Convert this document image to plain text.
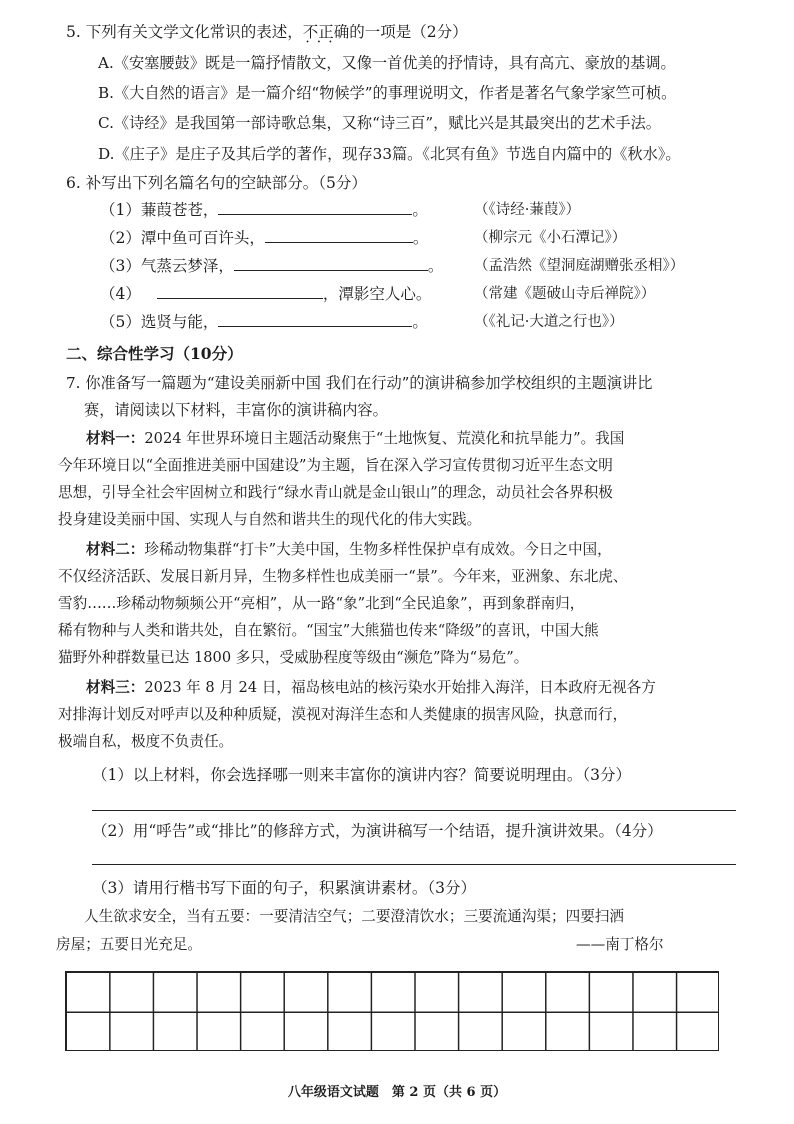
5. 下列有关文学文化常识的表述，不正确 • • •的一项是（2分）
A.《安塞腰鼓》既是一篇抒情散文，又像一首优美的抒情诗，具有高亢、豪放的基调。
B.《大自然的语言》是一篇介绍“物候学”的事理说明文，作者是著名气象学家竺可桢。
C.《诗经》是我国第一部诗歌总集，又称“诗三百”，赋比兴是其最突出的艺术手法。
D.《庄子》是庄子及其后学的著作，现存33篇。《北冥有鱼》节选自内篇中的《秋水》。
6. 补写出下列名篇名句的空缺部分。（5分）
（1）蒹葭苍苍，	。	（《诗经·蒹葭》）
（2）潭中鱼可百许头，	。	（柳宗元《小石潭记》）
（3）气蒸云梦泽，	。 （孟浩然《望洞庭湖赠张丞相》）
（4）	，潭影空人心。	（常建《题破山寺后禅院》）
（5）选贤与能，	。	（《礼记·大道之行也》）
二、综合性学习（10分）
7. 你准备写一篇题为“建设美丽新中国 我们在行动”的演讲稿参加学校组织的主题演讲比
赛，请阅读以下材料，丰富你的演讲稿内容。
材料一：2024 年世界环境日主题活动聚焦于“土地恢复、荒漠化和抗旱能力”。我国
今年环境日以“全面推进美丽中国建设”为主题，旨在深入学习宣传贯彻习近平生态文明
思想，引导全社会牢固树立和践行“绿水青山就是金山银山”的理念，动员社会各界积极
投身建设美丽中国、实现人与自然和谐共生的现代化的伟大实践。
材料二：珍稀动物集群“打卡”大美中国，生物多样性保护卓有成效。今日之中国，
不仅经济活跃、发展日新月异，生物多样性也成美丽一“景”。今年来，亚洲象、东北虎、
雪豹……珍稀动物频频公开“亮相”，从一路“象”北到“全民追象”，再到象群南归，
稀有物种与人类和谐共处，自在繁衍。“国宝”大熊猫也传来“降级”的喜讯，中国大熊
猫野外种群数量已达 1800 多只，受威胁程度等级由“濒危”降为“易危”。
材料三：2023 年 8 月 24 日，福岛核电站的核污染水开始排入海洋，日本政府无视各方
对排海计划反对呼声以及种种质疑，漠视对海洋生态和人类健康的损害风险，执意而行，
极端自私，极度不负责任。
（1）以上材料，你会选择哪一则来丰富你的演讲内容？简要说明理由。（3分）
（2）用“呼告”或“排比”的修辞方式，为演讲稿写一个结语，提升演讲效果。（4分）
（3）请用行楷书写下面的句子，积累演讲素材。（3分）
人生欲求安全，当有五要：一要清洁空气；二要澄清饮水；三要流通沟渠；四要扫洒
房屋；五要日光充足。	——南丁格尔
八年级语文试题　第 2 页（共 6 页）
